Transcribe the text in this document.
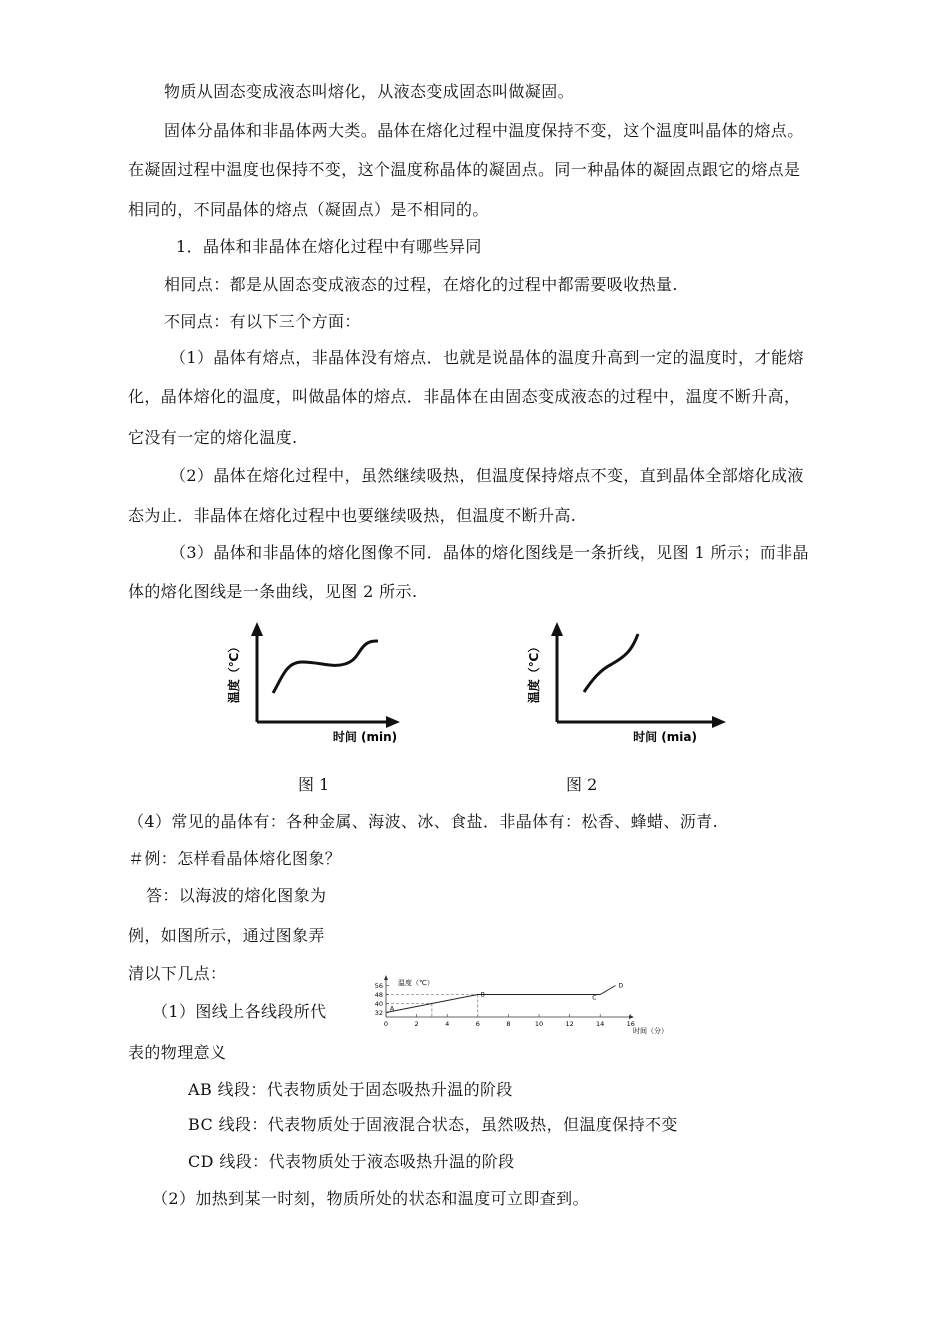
物质从固态变成液态叫熔化，从液态变成固态叫做凝固。
固体分晶体和非晶体两大类。晶体在熔化过程中温度保持不变，这个温度叫晶体的熔点。
在凝固过程中温度也保持不变，这个温度称晶体的凝固点。同一种晶体的凝固点跟它的熔点是
相同的，不同晶体的熔点（凝固点）是不相同的。
1．晶体和非晶体在熔化过程中有哪些异同
相同点：都是从固态变成液态的过程，在熔化的过程中都需要吸收热量.
不同点：有以下三个方面：
（1）晶体有熔点，非晶体没有熔点．也就是说晶体的温度升高到一定的温度时，才能熔
化，晶体熔化的温度，叫做晶体的熔点．非晶体在由固态变成液态的过程中，温度不断升高，
它没有一定的熔化温度.
（2）晶体在熔化过程中，虽然继续吸热，但温度保持熔点不变，直到晶体全部熔化成液
态为止．非晶体在熔化过程中也要继续吸热，但温度不断升高.
（3）晶体和非晶体的熔化图像不同．晶体的熔化图线是一条折线，见图 1 所示；而非晶
体的熔化图线是一条曲线，见图 2 所示.
温度（℃）
时间 (min)
图 1
温度（℃）
时间 (mia)
图 2
（4）常见的晶体有：各种金属、海波、冰、食盐．非晶体有：松香、蜂蜡、沥青.
＃例：怎样看晶体熔化图象？
答：以海波的熔化图象为
例，如图所示，通过图象弄
清以下几点：
（1）图线上各线段所代
表的物理意义
AB 线段：代表物质处于固态吸热升温的阶段
BC 线段：代表物质处于固液混合状态，虽然吸热，但温度保持不变
CD 线段：代表物质处于液态吸热升温的阶段
（2）加热到某一时刻，物质所处的状态和温度可立即查到。
32
40
48
56
0	2	4	6	8	10	12	14	16
A
B	C
D
温度（℃）
时间（分）
